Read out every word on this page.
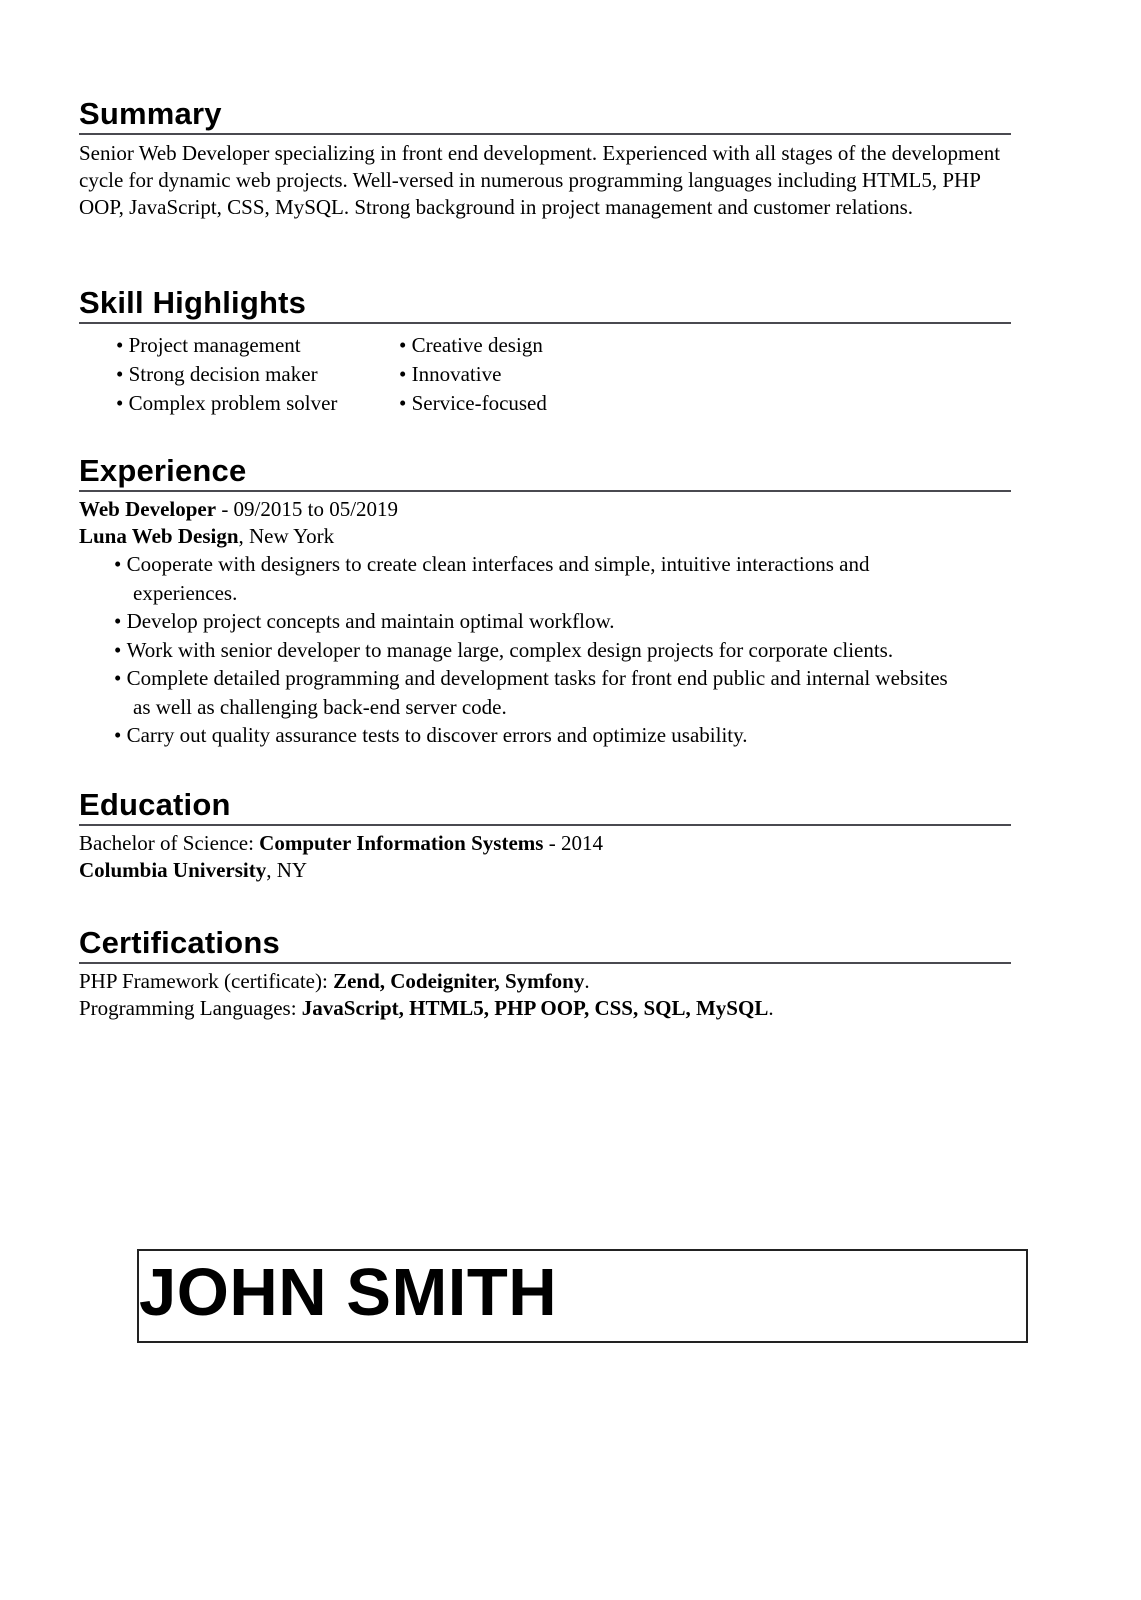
Summary

Senior Web Developer specializing in front end development. Experienced with all stages of the development cycle for dynamic web projects. Well-versed in numerous programming languages including HTML5, PHP OOP, JavaScript, CSS, MySQL. Strong background in project management and customer relations.

Skill Highlights
• Project management
• Strong decision maker
• Complex problem solver
• Creative design
• Innovative
• Service-focused
Experience

Web Developer - 09/2015 to 05/2019

Luna Web Design, New York

• Cooperate with designers to create clean interfaces and simple, intuitive interactions and experiences.
• Develop project concepts and maintain optimal workflow.
• Work with senior developer to manage large, complex design projects for corporate clients.
• Complete detailed programming and development tasks for front end public and internal websites as well as challenging back-end server code.
• Carry out quality assurance tests to discover errors and optimize usability.
Education

Bachelor of Science: Computer Information Systems - 2014

Columbia University, NY

Certifications

PHP Framework (certificate): Zend, Codeigniter, Symfony.

Programming Languages: JavaScript, HTML5, PHP OOP, CSS, SQL, MySQL.

JOHN SMITH
